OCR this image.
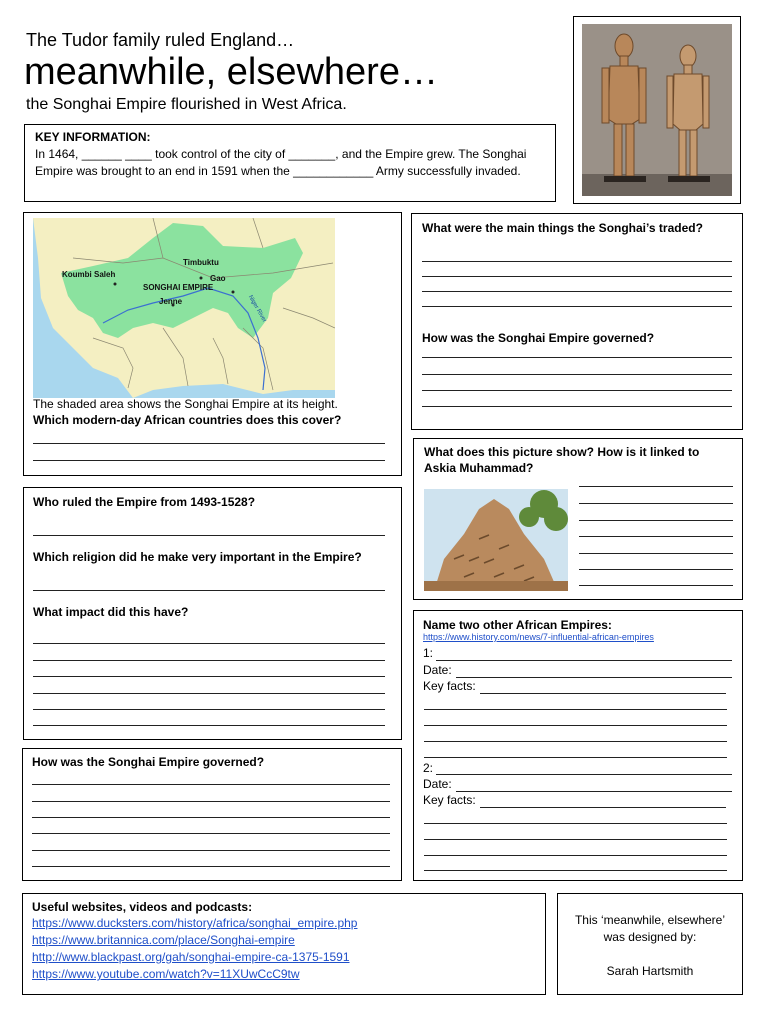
The Tudor family ruled England…
meanwhile, elsewhere…
the Songhai Empire flourished in West Africa.
KEY INFORMATION:
In 1464, ______ ____ took control of the city of _______, and the Empire grew. The Songhai Empire was brought to an end in 1591 when the ____________ Army successfully invaded.
Timbuktu
Koumbi Saleh	Gao
SONGHAI EMPIRE
Jenne	Niger River
The shaded area shows the Songhai Empire at its height.
Which modern-day African countries does this cover?
What were the main things the Songhai’s traded?
How was the Songhai Empire governed?
What does this picture show? How is it linked to Askia Muhammad?
Who ruled the Empire from 1493-1528?
Which religion did he make very important in the Empire?
What impact did this have?
How was the Songhai Empire governed?
Name two other African Empires:
https://www.history.com/news/7-influential-african-empires
1:
Date:
Key facts:
2:
Date:
Key facts:
Useful websites, videos and podcasts:
https://www.ducksters.com/history/africa/songhai_empire.php
https://www.britannica.com/place/Songhai-empire
http://www.blackpast.org/gah/songhai-empire-ca-1375-1591
https://www.youtube.com/watch?v=11XUwCcC9tw
This ‘meanwhile, elsewhere’
was designed by:
Sarah Hartsmith
